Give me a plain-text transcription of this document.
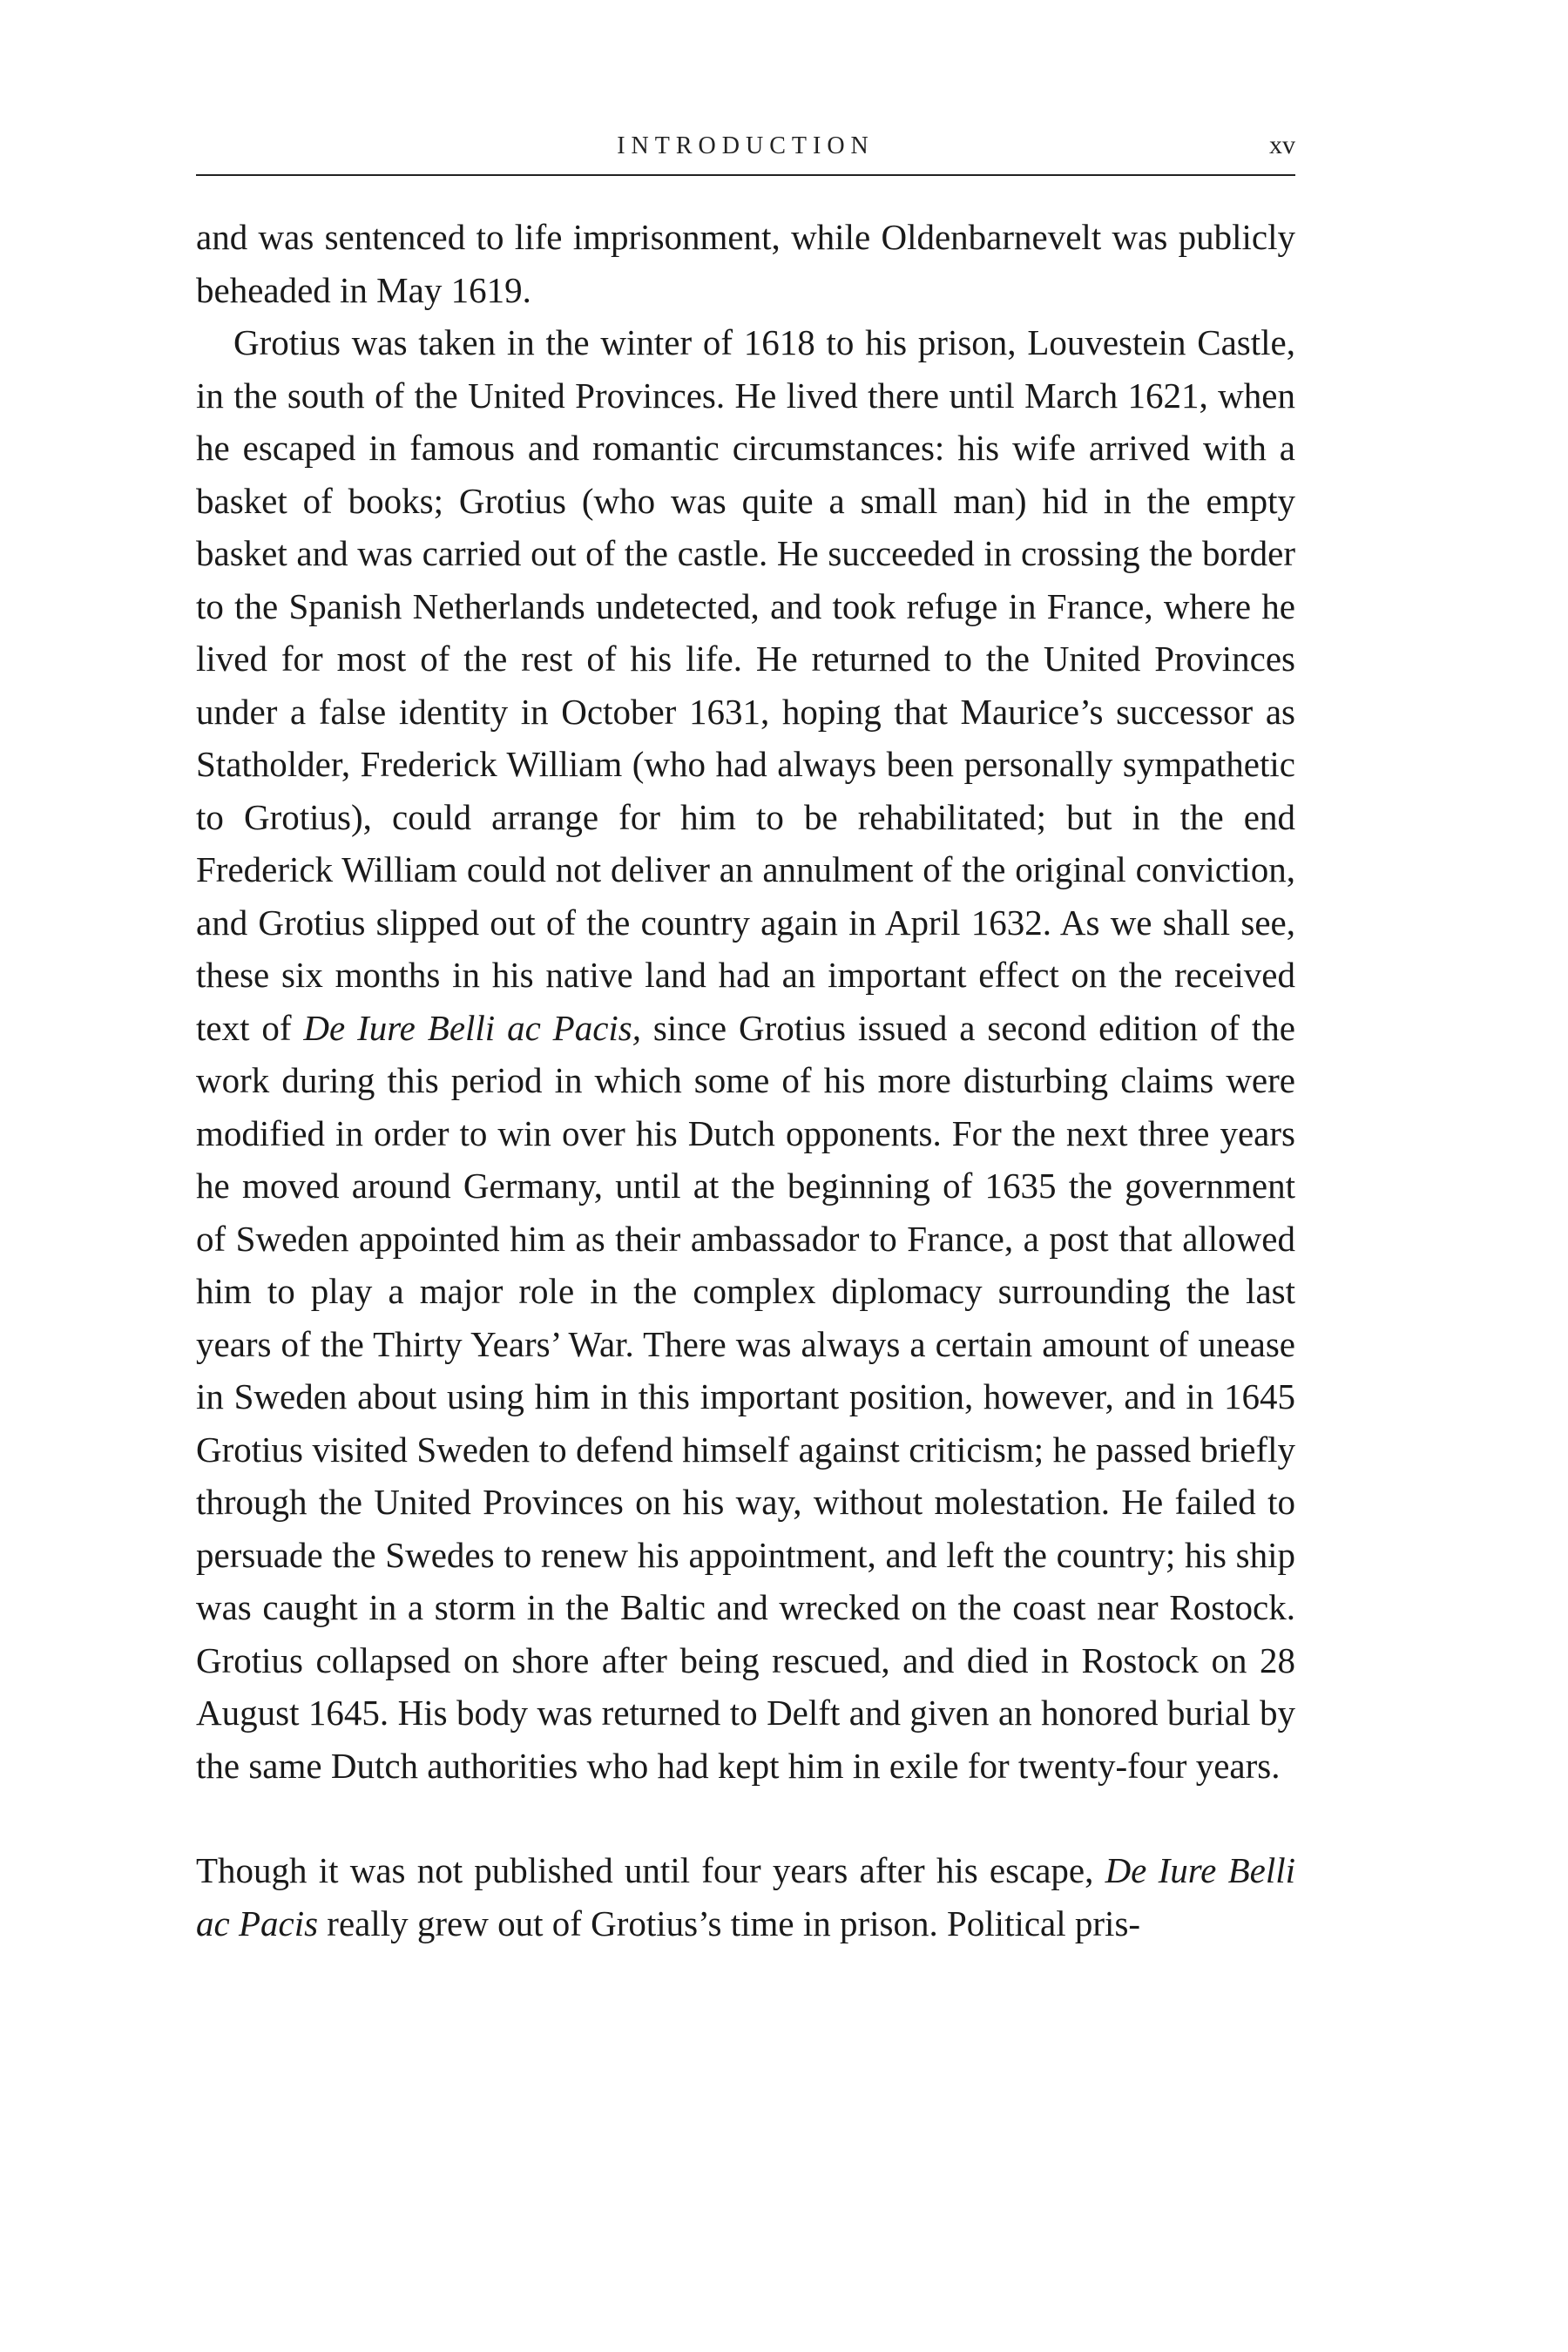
INTRODUCTION	xv

and was sentenced to life imprisonment, while Oldenbarnevelt was publicly beheaded in May 1619.

Grotius was taken in the winter of 1618 to his prison, Louvestein Castle, in the south of the United Provinces. He lived there until March 1621, when he escaped in famous and romantic circumstances: his wife arrived with a basket of books; Grotius (who was quite a small man) hid in the empty basket and was carried out of the castle. He succeeded in crossing the border to the Spanish Netherlands undetected, and took refuge in France, where he lived for most of the rest of his life. He returned to the United Provinces under a false identity in October 1631, hoping that Maurice’s successor as Statholder, Frederick William (who had always been personally sympathetic to Grotius), could arrange for him to be rehabilitated; but in the end Frederick William could not deliver an annulment of the original conviction, and Grotius slipped out of the country again in April 1632. As we shall see, these six months in his native land had an important effect on the received text of De Iure Belli ac Pacis, since Grotius issued a second edition of the work during this period in which some of his more disturbing claims were modified in order to win over his Dutch opponents. For the next three years he moved around Germany, until at the beginning of 1635 the government of Sweden appointed him as their ambassador to France, a post that allowed him to play a major role in the complex diplomacy surrounding the last years of the Thirty Years’ War. There was always a certain amount of unease in Sweden about using him in this important position, however, and in 1645 Grotius visited Sweden to defend himself against criticism; he passed briefly through the United Provinces on his way, without molestation. He failed to persuade the Swedes to renew his appointment, and left the country; his ship was caught in a storm in the Baltic and wrecked on the coast near Rostock. Grotius collapsed on shore after being rescued, and died in Rostock on 28 August 1645. His body was returned to Delft and given an honored burial by the same Dutch authorities who had kept him in exile for twenty-four years.

Though it was not published until four years after his escape, De Iure Belli ac Pacis really grew out of Grotius’s time in prison. Political pris-
